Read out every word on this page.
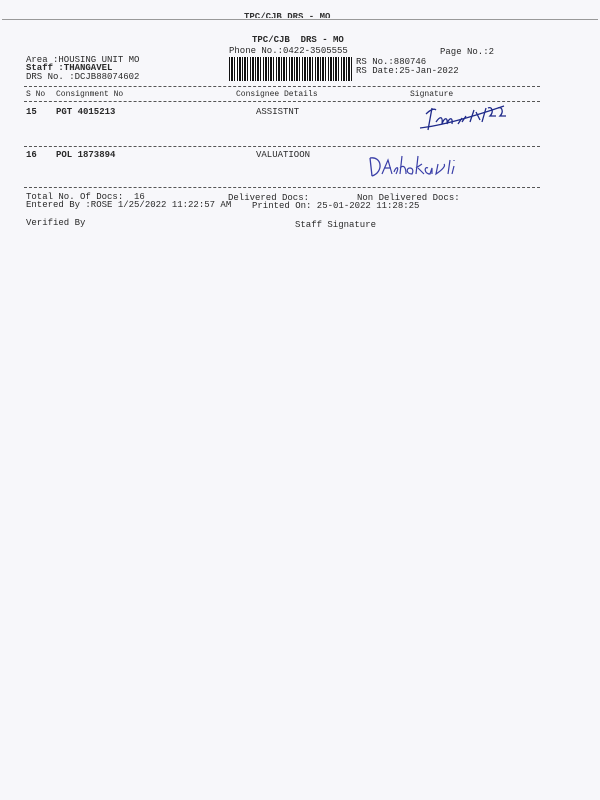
TPC/CJB DRS - MO
TPC/CJB  DRS - MO
Phone No.:0422-3505555	Page No.:2
Area :HOUSING UNIT MO
Staff :THANGAVEL
DRS No. :DCJB88074602
RS No.:880746
RS Date:25-Jan-2022
S No Consignment No	Consignee Details	Signature
15 PGT 4015213	ASSISTNT
16 POL 1873894	VALUATIOON
Total No. Of Docs:  16	Delivered Docs:	Non Delivered Docs:
Entered By :ROSE 1/25/2022 11:22:57 AM Printed On: 25-01-2022 11:28:25
Verified By	Staff Signature
